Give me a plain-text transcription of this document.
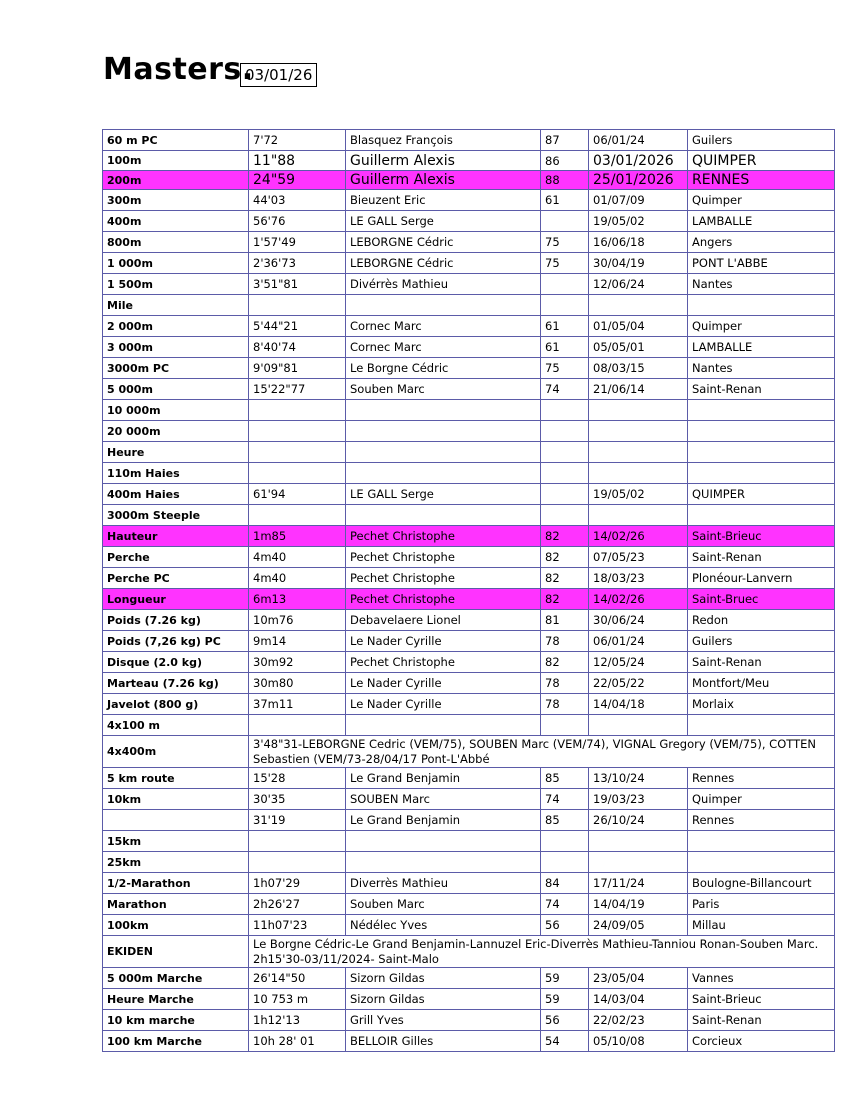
Masters.
03/01/26
60 m PC	7'72	Blasquez François	87	06/01/24	Guilers
100m	11"88	Guillerm Alexis	86	03/01/2026	QUIMPER
200m	24"59	Guillerm Alexis	88	25/01/2026	RENNES
300m	44'03	Bieuzent Eric	61	01/07/09	Quimper
400m	56'76	LE GALL Serge		19/05/02	LAMBALLE
800m	1'57'49	LEBORGNE Cédric	75	16/06/18	Angers
1 000m	2'36'73	LEBORGNE Cédric	75	30/04/19	PONT L'ABBE
1 500m	3'51"81	Divérrès Mathieu		12/06/24	Nantes
Mile					
2 000m	5'44"21	Cornec Marc	61	01/05/04	Quimper
3 000m	8'40'74	Cornec Marc	61	05/05/01	LAMBALLE
3000m PC	9'09"81	Le Borgne Cédric	75	08/03/15	Nantes
5 000m	15'22"77	Souben Marc	74	21/06/14	Saint-Renan
10 000m					
20 000m					
Heure					
110m Haies					
400m Haies	61'94	LE GALL Serge		19/05/02	QUIMPER
3000m Steeple					
Hauteur	1m85	Pechet Christophe	82	14/02/26	Saint-Brieuc
Perche	4m40	Pechet Christophe	82	07/05/23	Saint-Renan
Perche PC	4m40	Pechet Christophe	82	18/03/23	Plonéour-Lanvern
Longueur	6m13	Pechet Christophe	82	14/02/26	Saint-Bruec
Poids (7.26 kg)	10m76	Debavelaere Lionel	81	30/06/24	Redon
Poids (7,26 kg) PC	9m14	Le Nader Cyrille	78	06/01/24	Guilers
Disque (2.0 kg)	30m92	Pechet Christophe	82	12/05/24	Saint-Renan
Marteau (7.26 kg)	30m80	Le Nader Cyrille	78	22/05/22	Montfort/Meu
Javelot (800 g)	37m11	Le Nader Cyrille	78	14/04/18	Morlaix
4x100 m					
4x400m	3'48"31-LEBORGNE Cedric (VEM/75), SOUBEN Marc (VEM/74), VIGNAL Gregory (VEM/75), COTTEN Sebastien (VEM/73-28/04/17 Pont-L'Abbé				
5 km route	15'28	Le Grand Benjamin	85	13/10/24	Rennes
10km	30'35	SOUBEN Marc	74	19/03/23	Quimper
	31'19	Le Grand Benjamin	85	26/10/24	Rennes
15km					
25km					
1/2-Marathon	1h07'29	Diverrès Mathieu	84	17/11/24	Boulogne-Billancourt
Marathon	2h26'27	Souben Marc	74	14/04/19	Paris
100km	11h07'23	Nédélec Yves	56	24/09/05	Millau
EKIDEN	Le Borgne Cédric-Le Grand Benjamin-Lannuzel Eric-Diverrès Mathieu-Tanniou Ronan-Souben Marc. 2h15'30-03/11/2024- Saint-Malo				
5 000m Marche	26'14"50	Sizorn Gildas	59	23/05/04	Vannes
Heure Marche	10 753 m	Sizorn Gildas	59	14/03/04	Saint-Brieuc
10 km marche	1h12'13	Grill Yves	56	22/02/23	Saint-Renan
100 km Marche	10h 28' 01	BELLOIR Gilles	54	05/10/08	Corcieux
